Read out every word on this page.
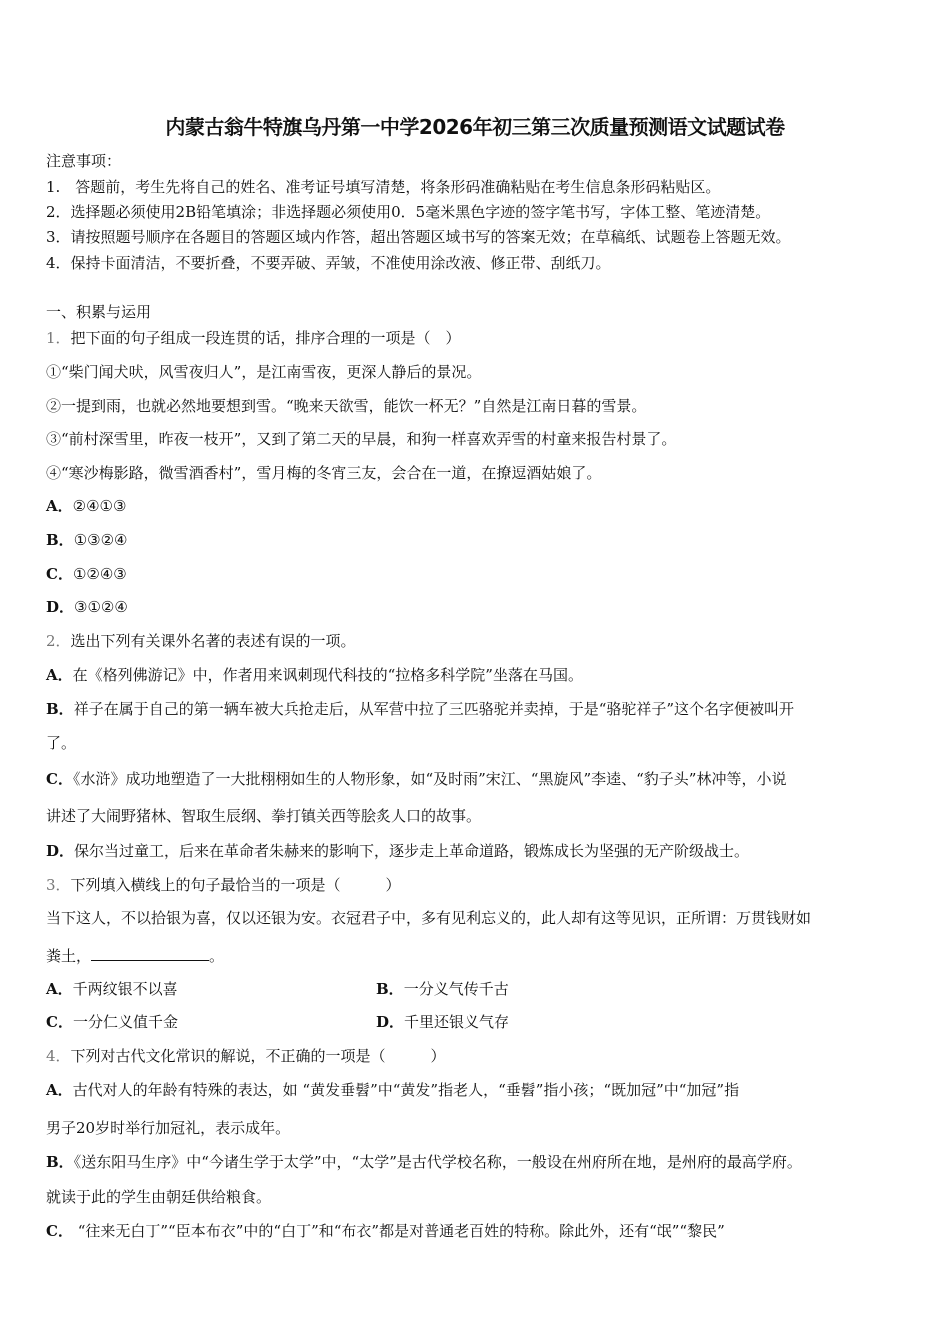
内蒙古翁牛特旗乌丹第一中学2026年初三第三次质量预测语文试题试卷
注意事项：
1.　答题前，考生先将自己的姓名、准考证号填写清楚，将条形码准确粘贴在考生信息条形码粘贴区。
2．选择题必须使用2B铅笔填涂；非选择题必须使用0．5毫米黑色字迹的签字笔书写，字体工整、笔迹清楚。
3．请按照题号顺序在各题目的答题区域内作答，超出答题区域书写的答案无效；在草稿纸、试题卷上答题无效。
4．保持卡面清洁，不要折叠，不要弄破、弄皱，不准使用涂改液、修正带、刮纸刀。
一、积累与运用
1．把下面的句子组成一段连贯的话，排序合理的一项是（　）
①“柴门闻犬吠，风雪夜归人”，是江南雪夜，更深人静后的景况。
②一提到雨，也就必然地要想到雪。“晚来天欲雪，能饮一杯无？”自然是江南日暮的雪景。
③“前村深雪里，昨夜一枝开”，又到了第二天的早晨，和狗一样喜欢弄雪的村童来报告村景了。
④“寒沙梅影路，微雪酒香村”，雪月梅的冬宵三友，会合在一道，在撩逗酒姑娘了。
A．②④①③
B．①③②④
C．①②④③
D．③①②④
2．选出下列有关课外名著的表述有误的一项。
A．在《格列佛游记》中，作者用来讽刺现代科技的“拉格多科学院”坐落在马国。
B．祥子在属于自己的第一辆车被大兵抢走后，从军营中拉了三匹骆驼并卖掉，于是“骆驼祥子”这个名字便被叫开
了。
C．《水浒》成功地塑造了一大批栩栩如生的人物形象，如“及时雨”宋江、“黑旋风”李逵、“豹子头”林冲等，小说
讲述了大闹野猪林、智取生辰纲、拳打镇关西等脍炙人口的故事。
D．保尔当过童工，后来在革命者朱赫来的影响下，逐步走上革命道路，锻炼成长为坚强的无产阶级战士。
3．下列填入横线上的句子最恰当的一项是（　　　）
当下这人，不以拾银为喜，仅以还银为安。衣冠君子中，多有见利忘义的，此人却有这等见识，正所谓：万贯钱财如
粪土，	。
A．千两纹银不以喜	B．一分义气传千古
C．一分仁义值千金	D．千里还银义气存
4．下列对古代文化常识的解说，不正确的一项是（　　　）
A．古代对人的年龄有特殊的表达，如 “黄发垂髫”中“黄发”指老人，“垂髫”指小孩；“既加冠”中“加冠”指
男子20岁时举行加冠礼，表示成年。
B．《送东阳马生序》中“今诸生学于太学”中，“太学”是古代学校名称，一般设在州府所在地，是州府的最高学府。
就读于此的学生由朝廷供给粮食。
C． “往来无白丁”“臣本布衣”中的“白丁”和“布衣”都是对普通老百姓的特称。除此外，还有“氓”“黎民”
